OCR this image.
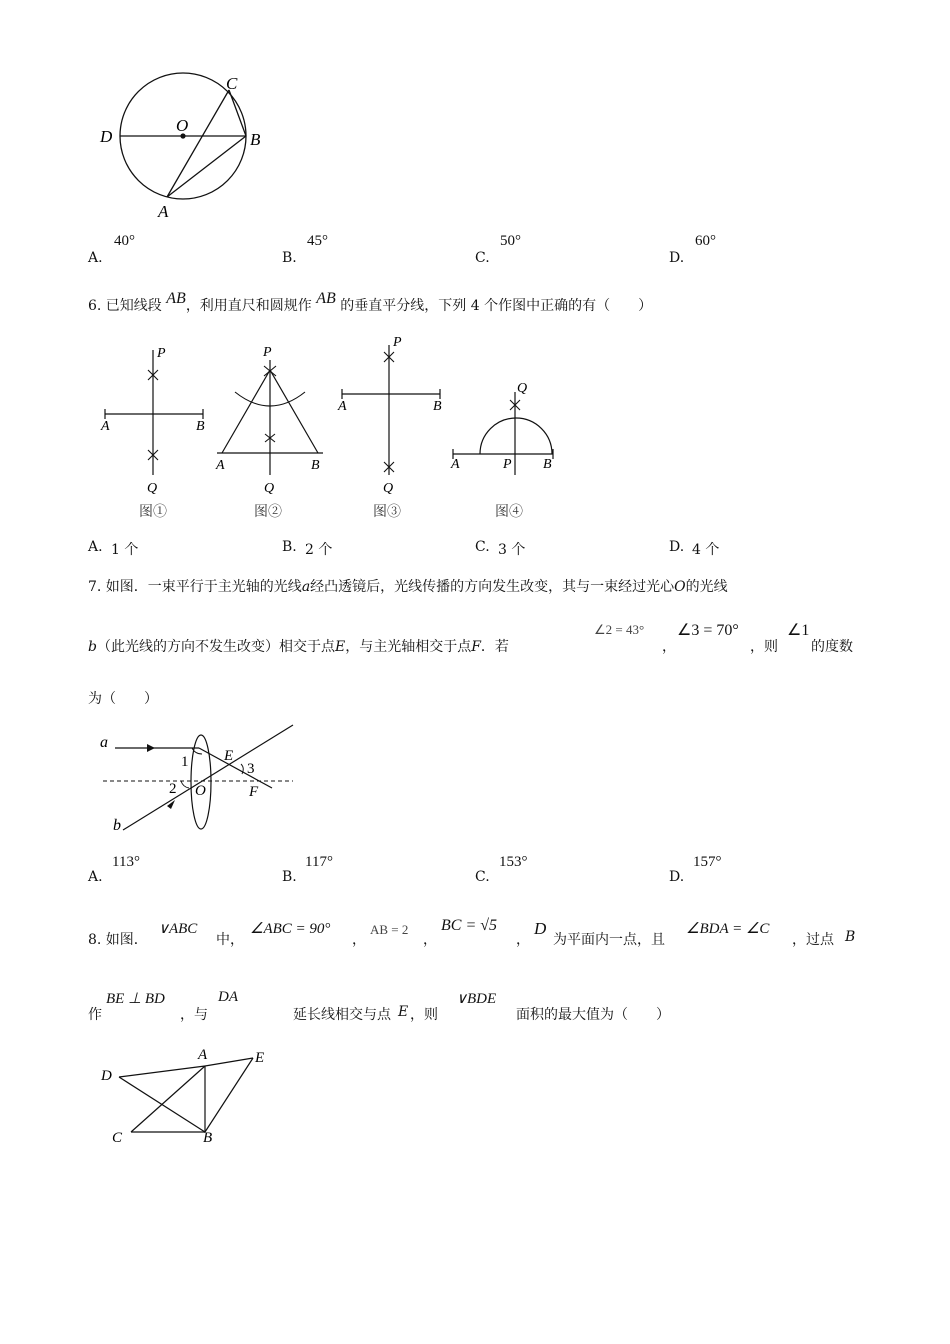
C
O
D	B
A
A.
40°
B.
45°
C.
50°
D.
60°
6. 已知线段 AB，利用直尺和圆规作 AB 的垂直平分线，下列 4 个作图中正确的有（　　）
P
A	B
Q
图①
P
A	B
Q
图②
P
A	B
Q
图③
Q
A	P B
图④
A. 1 个	B. 2 个	C. 3 个	D. 4 个
7. 如图．一束平行于主光轴的光线a经凸透镜后，光线传播的方向发生改变，其与一束经过光心O的光线
b（此光线的方向不发生改变）相交于点E，与主光轴相交于点F．若
∠2 = 43°
，
∠3 = 70°
，则
∠1
的度数
为（　　）
a
b
E
F
O
1
2
3
A.
113°
B.
117°
C.
153°
D.
157°
8. 如图．
∨ABC
中，
∠ABC = 90°
，
AB = 2
，
BC = √5
，
D
为平面内一点，且
∠BDA = ∠C
，过点 B
作
BE ⊥ BD
，与
DA
延长线相交与点 E ，则
∨BDE
面积的最大值为（　　）
D
A	E
C	B
